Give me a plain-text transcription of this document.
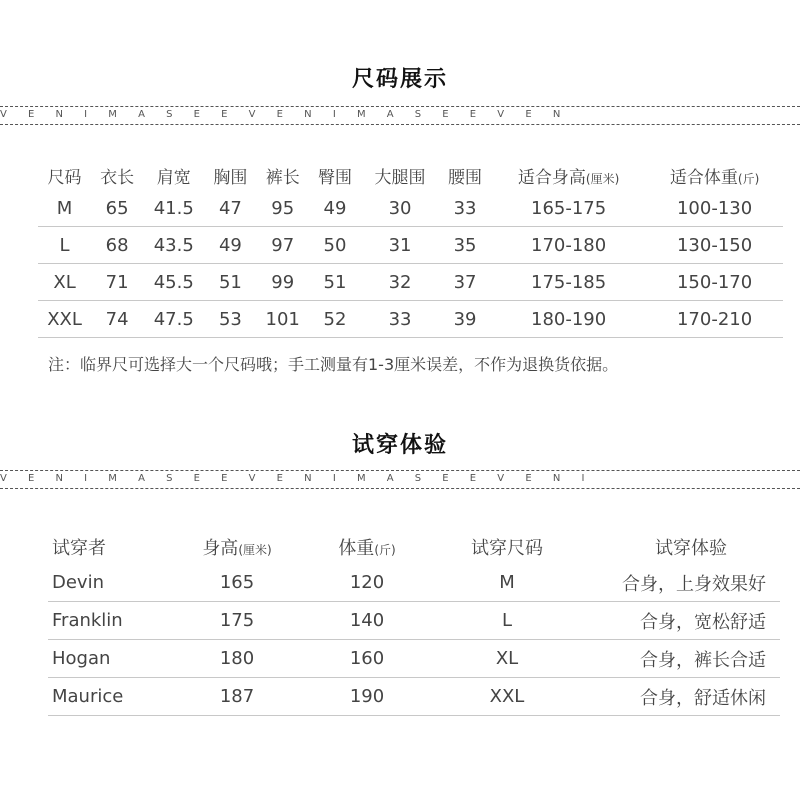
尺码展示
V E N I M A S E E V E N I M A S E E V E N
尺码	衣长	肩宽	胸围	裤长	臀围	大腿围	腰围	适合身高(厘米)	适合体重(斤)
M	65	41.5	47	95	49	30	33	165-175	100-130
L	68	43.5	49	97	50	31	35	170-180	130-150
XL	71	45.5	51	99	51	32	37	175-185	150-170
XXL	74	47.5	53	101	52	33	39	180-190	170-210
注：临界尺可选择大一个尺码哦；手工测量有1-3厘米误差，不作为退换货依据。
试穿体验
V E N I M A S E E V E N I M A S E E V E N I
试穿者	身高(厘米)	体重(斤)	试穿尺码	试穿体验
Devin	165	120	M	合身，上身效果好
Franklin	175	140	L	合身，宽松舒适
Hogan	180	160	XL	合身，裤长合适
Maurice	187	190	XXL	合身，舒适休闲
